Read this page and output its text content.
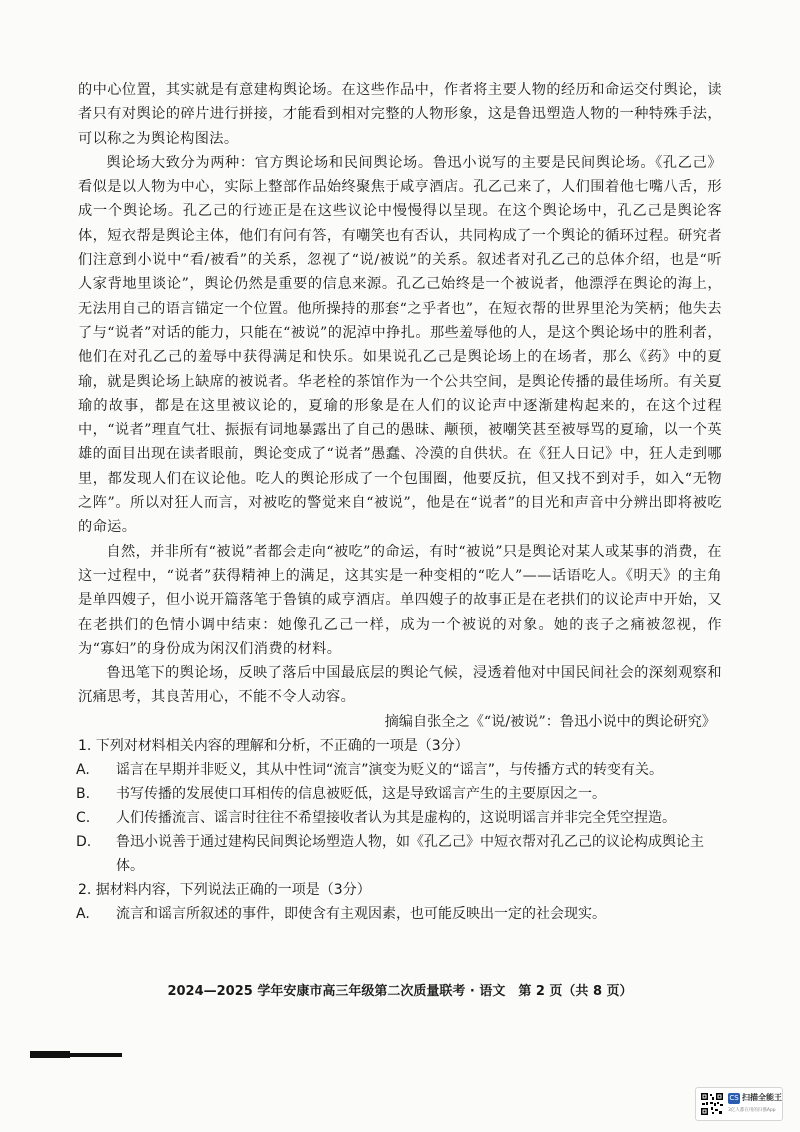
的中心位置，其实就是有意建构舆论场。在这些作品中，作者将主要人物的经历和命运交付舆论，读者只有对舆论的碎片进行拼接，才能看到相对完整的人物形象，这是鲁迅塑造人物的一种特殊手法，可以称之为舆论构图法。

舆论场大致分为两种：官方舆论场和民间舆论场。鲁迅小说写的主要是民间舆论场。《孔乙己》看似是以人物为中心，实际上整部作品始终聚焦于咸亨酒店。孔乙己来了，人们围着他七嘴八舌，形成一个舆论场。孔乙己的行迹正是在这些议论中慢慢得以呈现。在这个舆论场中，孔乙己是舆论客体，短衣帮是舆论主体，他们有问有答，有嘲笑也有否认，共同构成了一个舆论的循环过程。研究者们注意到小说中“看/被看”的关系，忽视了“说/被说”的关系。叙述者对孔乙己的总体介绍，也是“听人家背地里谈论”，舆论仍然是重要的信息来源。孔乙己始终是一个被说者，他漂浮在舆论的海上，无法用自己的语言锚定一个位置。他所操持的那套“之乎者也”，在短衣帮的世界里沦为笑柄；他失去了与“说者”对话的能力，只能在“被说”的泥淖中挣扎。那些羞辱他的人，是这个舆论场中的胜利者，他们在对孔乙己的羞辱中获得满足和快乐。如果说孔乙己是舆论场上的在场者，那么《药》中的夏瑜，就是舆论场上缺席的被说者。华老栓的茶馆作为一个公共空间，是舆论传播的最佳场所。有关夏瑜的故事，都是在这里被议论的，夏瑜的形象是在人们的议论声中逐渐建构起来的，在这个过程中，“说者”理直气壮、振振有词地暴露出了自己的愚昧、颟顸，被嘲笑甚至被辱骂的夏瑜，以一个英雄的面目出现在读者眼前，舆论变成了“说者”愚蠢、冷漠的自供状。在《狂人日记》中，狂人走到哪里，都发现人们在议论他。吃人的舆论形成了一个包围圈，他要反抗，但又找不到对手，如入“无物之阵”。所以对狂人而言，对被吃的警觉来自“被说”，他是在“说者”的目光和声音中分辨出即将被吃的命运。

自然，并非所有“被说”者都会走向“被吃”的命运，有时“被说”只是舆论对某人或某事的消费，在这一过程中，“说者”获得精神上的满足，这其实是一种变相的“吃人”——话语吃人。《明天》的主角是单四嫂子，但小说开篇落笔于鲁镇的咸亨酒店。单四嫂子的故事正是在老拱们的议论声中开始，又在老拱们的色情小调中结束：她像孔乙己一样，成为一个被说的对象。她的丧子之痛被忽视，作为“寡妇”的身份成为闲汉们消费的材料。

鲁迅笔下的舆论场，反映了落后中国最底层的舆论气候，浸透着他对中国民间社会的深刻观察和沉痛思考，其良苦用心，不能不令人动容。

摘编自张全之《“说/被说”：鲁迅小说中的舆论研究》

1. 下列对材料相关内容的理解和分析，不正确的一项是（3分）

A. 谣言在早期并非贬义，其从中性词“流言”演变为贬义的“谣言”，与传播方式的转变有关。

B. 书写传播的发展使口耳相传的信息被贬低，这是导致谣言产生的主要原因之一。

C. 人们传播流言、谣言时往往不希望接收者认为其是虚构的，这说明谣言并非完全凭空捏造。

D. 鲁迅小说善于通过建构民间舆论场塑造人物，如《孔乙己》中短衣帮对孔乙己的议论构成舆论主体。

2. 据材料内容，下列说法正确的一项是（3分）

A. 流言和谣言所叙述的事件，即使含有主观因素，也可能反映出一定的社会现实。

2024—2025 学年安康市高三年级第二次质量联考 · 语文　第 2 页（共 8 页）
CS 扫描全能王
3亿人都在用的扫描App
